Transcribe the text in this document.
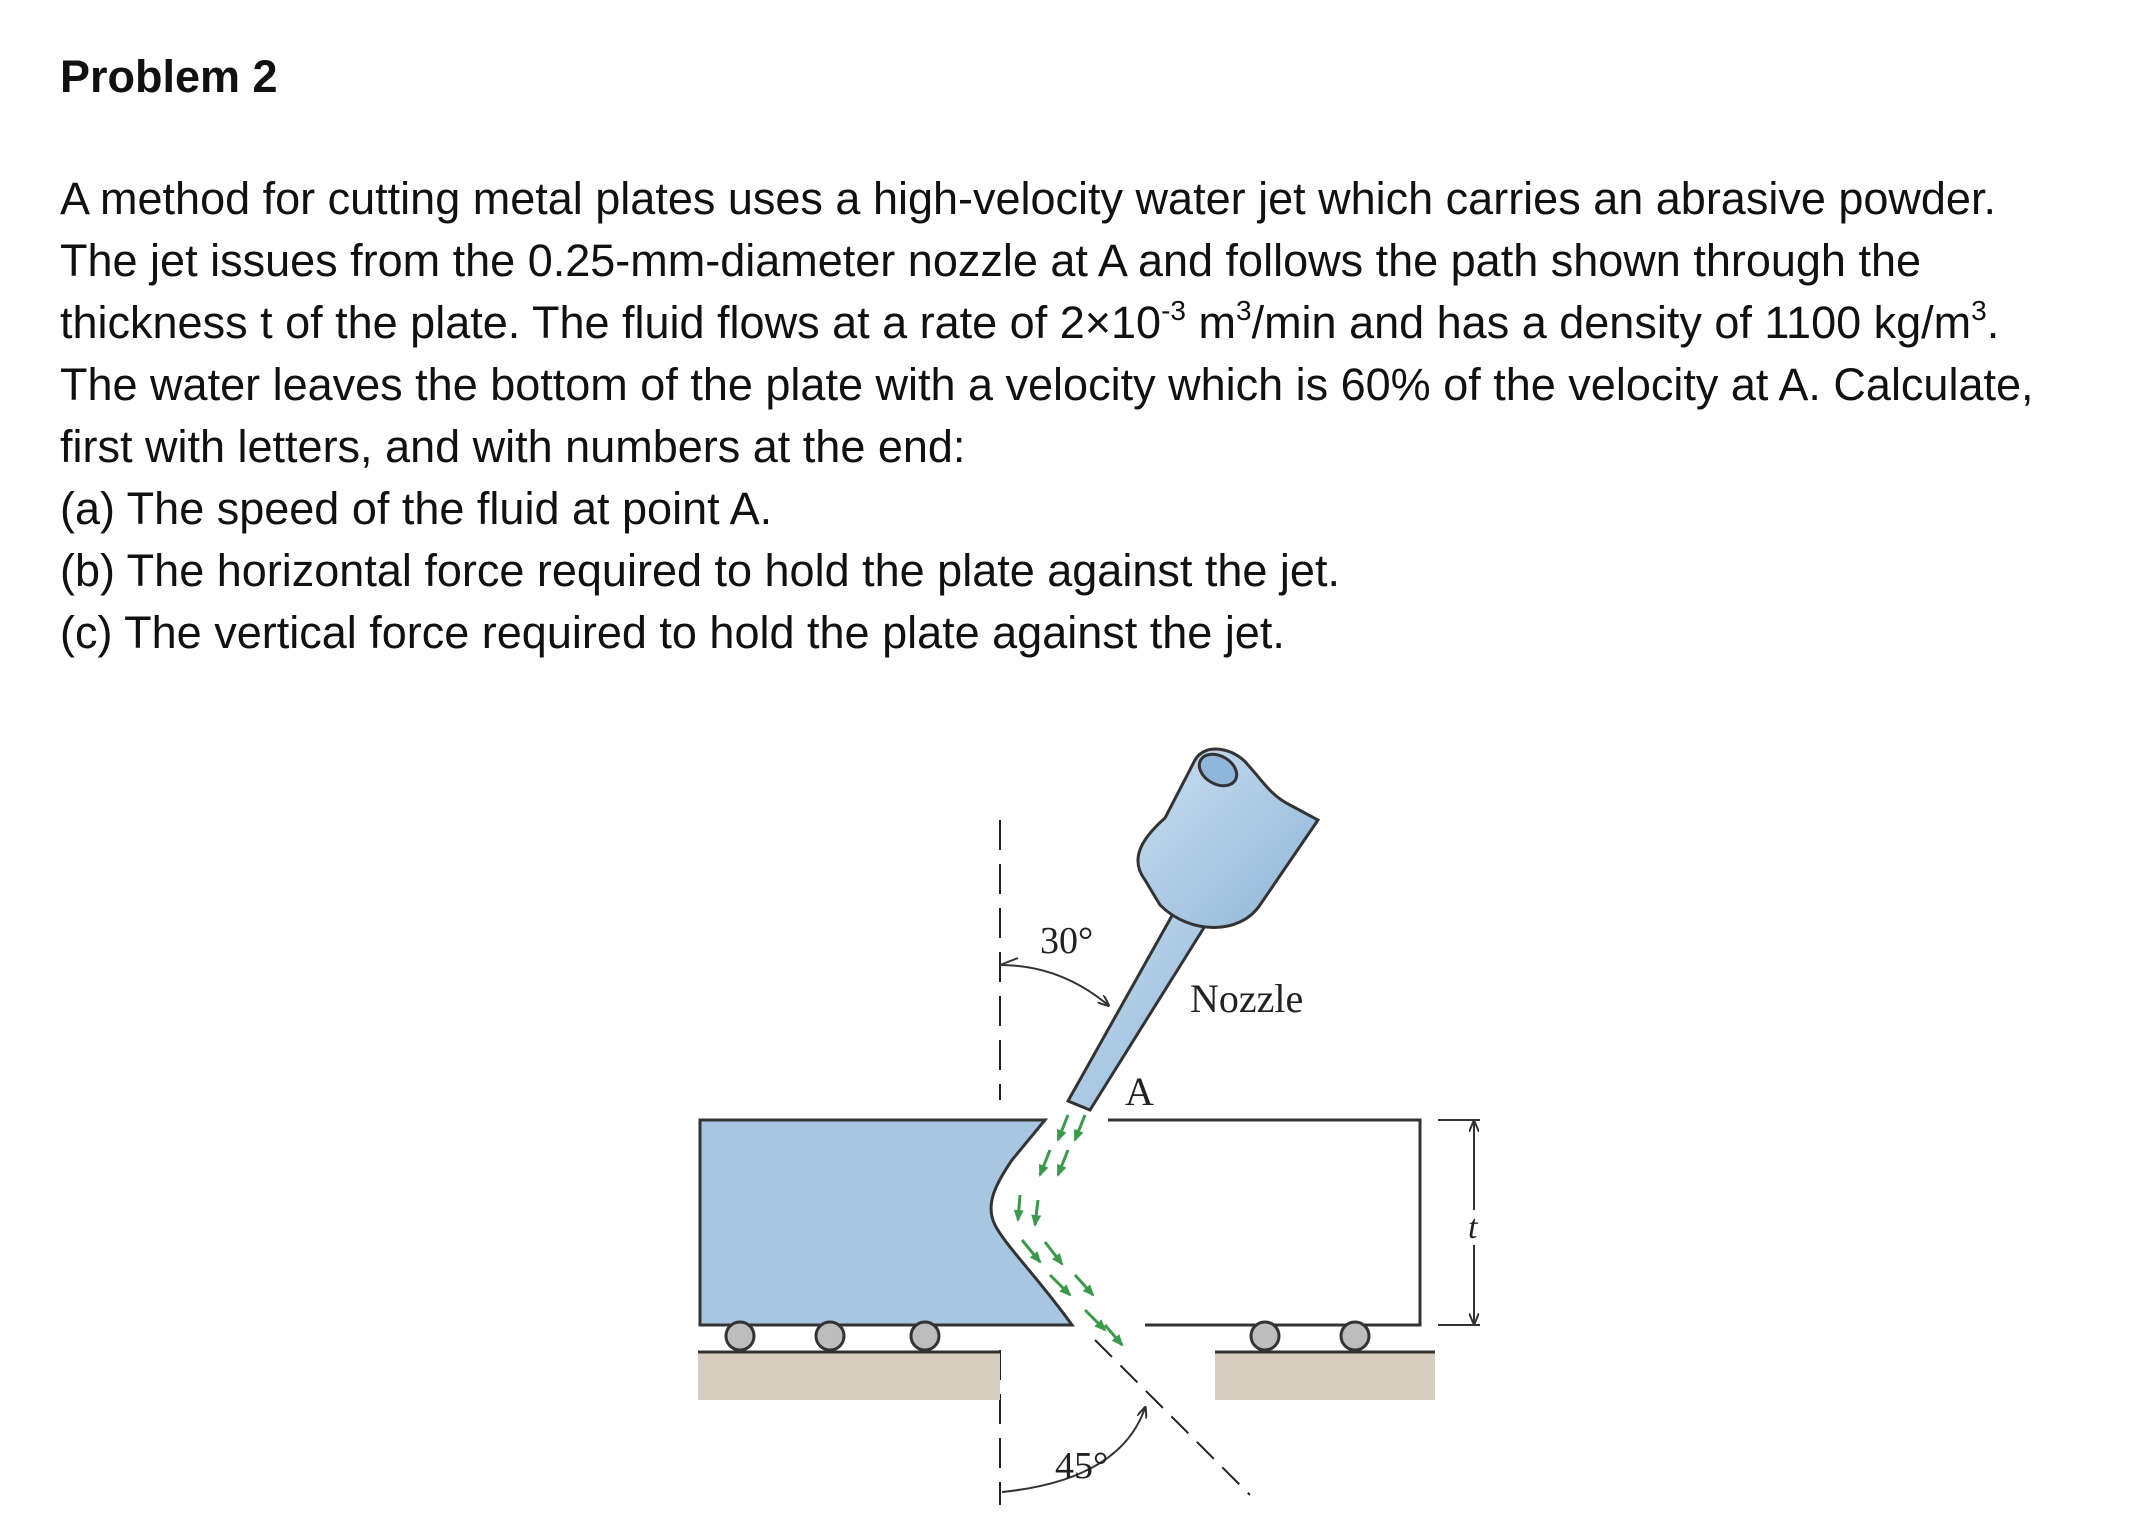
Problem 2

A method for cutting metal plates uses a high-velocity water jet which carries an abrasive powder.

The jet issues from the 0.25-mm-diameter nozzle at A and follows the path shown through the

thickness t of the plate. The fluid flows at a rate of $2\times 10^{-3}$ $m^3/\min$ and has a density of 1100 $kg/m^3$.

The water leaves the bottom of the plate with a velocity which is 60% of the velocity at A. Calculate,

first with letters, and with numbers at the end:

(a) The speed of the fluid at point A.

(b) The horizontal force required to hold the plate against the jet.

(c) The vertical force required to hold the plate against the jet.

30°
Nozzle
A
t
45°
